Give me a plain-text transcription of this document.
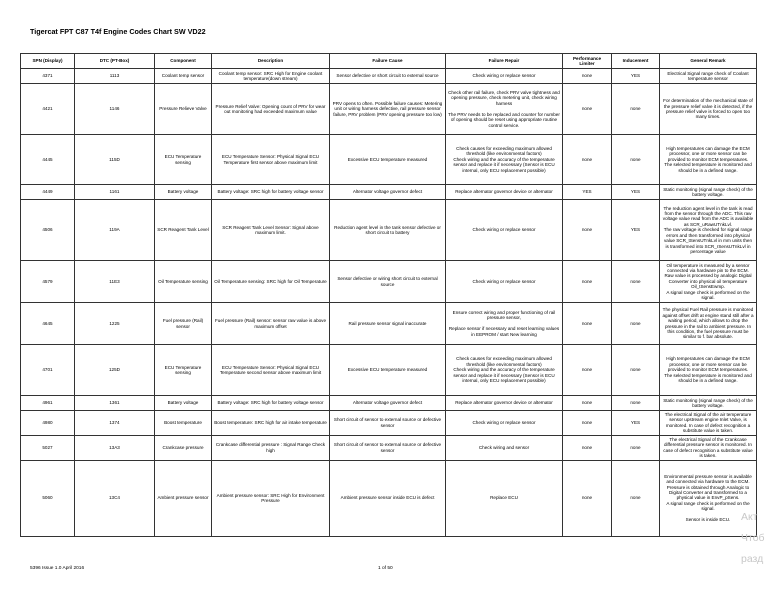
Tigercat FPT C87 T4f Engine Codes Chart SW VD22
SPN (Display)	DTC (PT-Box)	Component	Description	Failure Cause	Failure Repair	Performance Limiter	Inducement	General Remark
4371	1113	Coolant temp sensor	Coolant temp sensor: SRC High for Engine coolant temperature(down stream)	Sensor defective or short circuit to external source	Check wiring or replace sensor	none	YES	Electrical Signal range check of Coolant temperature sensor
4421	1146	Pressure Relieve Valve	Pressure Relief Valve: Opening count of PRV for wear out monitoring had exceeded maximum value	PRV opens to often. Possible failure causes: Metering unit or wiring harness defective, rail pressure sensor failure, PRV problem (PRV opening pressure too low)	Check other rail failure, check PRV valve tightness and opening pressure, check metering unit, check wiring harness

The PRV needs to be replaced and counter for number of opening should be reset using appropriate routine control service.	none	none	For determination of the mechanical state of the pressure relief valve it is detected, if the pressure relief valve is forced to open too many times.
4445	115D	ECU Temperature sensing	ECU Temperature Sensor: Physical Signal ECU Temperature first sensor above maximum limit	Excessive ECU temperature measured	Check causes for exceeding maximum allowed threshold (like environmental factors)
Check wiring and the accuracy of the temperature sensor and replace it if necessary (Sensor is ECU internal, only ECU replacement possible)	none	none	High temperatures can damage the ECM processor, one or more sensor can be provided to monitor ECM temperatures.
The selected temperature is monitored and should be in a defined range.
4449	1161	Battery voltage	Battery voltage: SRC high for battery voltage sensor	Alternator voltage governor defect	Replace alternator governor device or alternator	YES	YES	Static monitoring (signal range check) of the battery voltage.
4506	119A	SCR Reagent Tank Level	SCR Reagent Tank Level Sensor: Signal above maximum limit.	Reduction agent level in the tank sensor defective or short circuit to battery	Check wiring or replace sensor	none	YES	The reduction agent level in the tank is read from the sensor through the ADC. This raw voltage value read from the ADC is available as SCR_uRawUTnkLvl.
The raw voltage is checked for signal range errors and then transformed into physical value SCR_tSensUTnkLvl in mm units then is transformed into SCR_rSensUTnkLvl in percentage value
4579	11E3	Oil Temperature sensing	Oil Temperature sensing: SRC high for Oil Temperature	Sensor defective or wiring short circuit to external source	Check wiring or replace sensor	none	none	Oil temperature is measured by a sensor connected via hardware pin to the ECM. Raw value is processed by analogic Digital Converter into physical oil temperature Oil_tSensEwmp.
A signal range check is performed on the signal.
4645	1225	Fuel pressure (Rail) sensor	Fuel pressure (Rail) sensor: sensor raw value is above maximum offset	Rail pressure sensor signal inaccurate	Ensure correct wiring and proper functioning of rail pressure sensor,

Replace sensor if necessary and reset learning values in EEPROM / start New learning	none	none	The physical Fuel Rail pressure is monitored against offset drift at engine stand still after a waiting period, which allows to drop the pressure in the rail to ambient pressure. In this condition, the fuel pressure must be similar to f. bar absolute.
4701	125D	ECU Temperature sensing	ECU Temperature Sensor: Physical Signal ECU Temperature second sensor above maximum limit	Excessive ECU temperature measured	Check causes for exceeding maximum allowed threshold (like environmental factors)
Check wiring and the accuracy of the temperature sensor and replace it if necessary (Sensor is ECU internal, only ECU replacement possible)	none	none	High temperatures can damage the ECM processor, one or more sensor can be provided to monitor ECM temperatures.
The selected temperature is monitored and should be in a defined range.
4961	1361	Battery voltage	Battery voltage: SRC high for battery voltage sensor	Alternator voltage governor defect	Replace alternator governor device or alternator	none	none	Static monitoring (signal range check) of the battery voltage.
4980	1374	Boost temperature	Boost temperature: SRC high for air intake temperature	Short circuit of sensor to external source or defective sensor	Check wiring or replace sensor	none	YES	The electrical Signal of the air temperature sensor upstream engine Inlet Valve, is monitored. In case of defect recognition a substitute value is taken.
5027	13A3	Crankcase pressure	Crankcase differential pressure : Signal Range Check high	Short circuit of sensor to external source or defective sensor	Check wiring and sensor	none	none	The electrical Signal of the Crankcase differential pressure sensor is monitored. In case of defect recognition a substitute value is taken.
5060	13C4	Ambient pressure sensor	Ambient pressure sensor: SRC High for Environment Pressure	Ambient pressure sensor inside ECU is defect	Replace ECU	none	none	Environmental pressure sensor is available and connected via hardware to the ECM. Pressure is obtained through Analogic to Digital Converter and transformed to a physical value in EnvP_pSens.
A signal range check is performed on the signal.

Sensor is inside ECU.
5396 Issue 1.0 April 2016	1 of 50
Акт
Чтоб
разд
